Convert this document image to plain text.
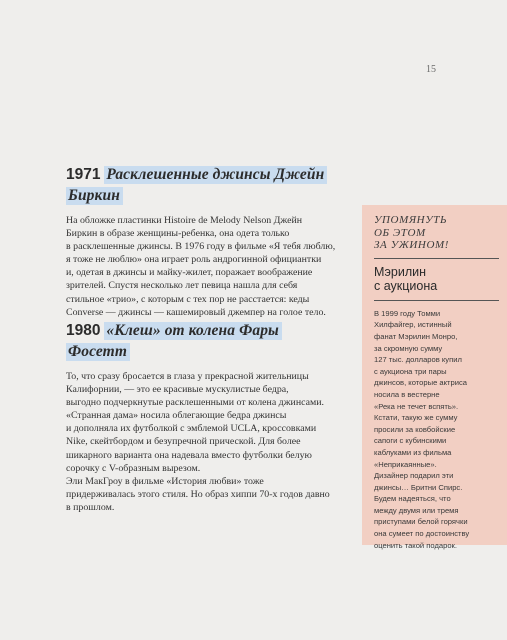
15
1971 Расклешенные джинсы Джейн Биркин
На обложке пластинки Histoire de Melody Nelson Джейн
Биркин в образе женщины-ребенка, она одета только
в расклешенные джинсы. В 1976 году в фильме «Я тебя люблю,
я тоже не люблю» она играет роль андрогинной официантки
и, одетая в джинсы и майку-жилет, поражает воображение
зрителей. Спустя несколько лет певица нашла для себя
стильное «трио», с которым с тех пор не расстается: кеды
Converse — джинсы — кашемировый джемпер на голое тело.
1980 «Клеш» от колена Фары Фосетт
То, что сразу бросается в глаза у прекрасной жительницы
Калифорнии, — это ее красивые мускулистые бедра,
выгодно подчеркнутые расклешенными от колена джинсами.
«Странная дама» носила облегающие бедра джинсы
и дополняла их футболкой с эмблемой UCLA, кроссовками
Nike, скейтбордом и безупречной прической. Для более
шикарного варианта она надевала вместо футболки белую
сорочку с V-образным вырезом.
Эли МакГроу в фильме «История любви» тоже
придерживалась этого стиля. Но образ хиппи 70-х годов давно
в прошлом.
УПОМЯНУТЬ
ОБ ЭТОМ
ЗА УЖИНОМ!
Мэрилин
с аукциона
В 1999 году Томми
Хилфайгер, истинный
фанат Мэрилин Монро,
за скромную сумму
127 тыс. долларов купил
с аукциона три пары
джинсов, которые актриса
носила в вестерне
«Река не течет вспять».
Кстати, такую же сумму
просили за ковбойские
сапоги с кубинскими
каблуками из фильма
«Неприкаянные».
Дизайнер подарил эти
джинсы… Бритни Спирс.
Будем надеяться, что
между двумя или тремя
приступами белой горячки
она сумеет по достоинству
оценить такой подарок.
